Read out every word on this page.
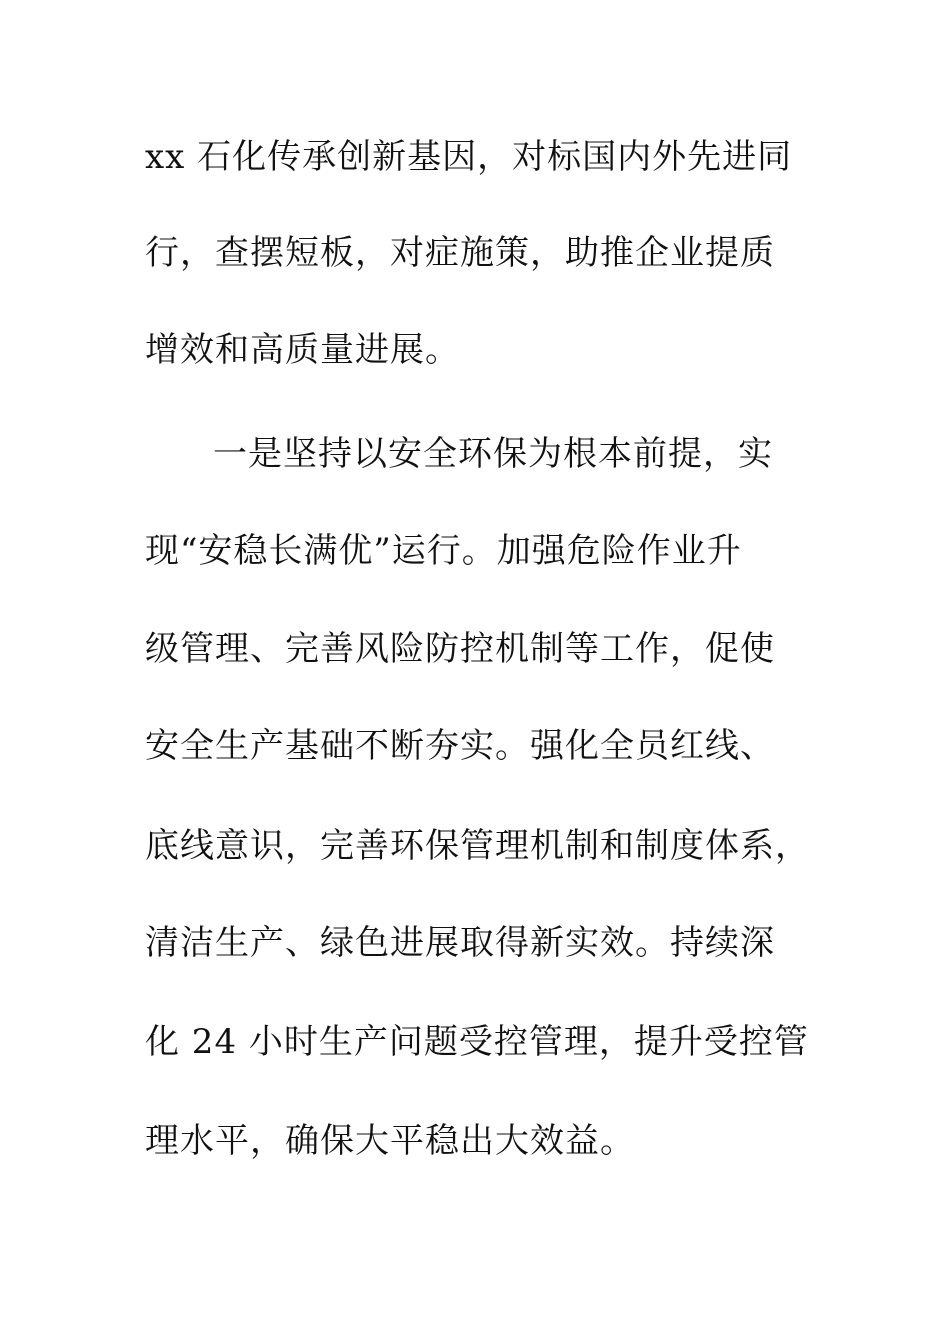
xx 石化传承创新基因，对标国内外先进同
行，查摆短板，对症施策，助推企业提质
增效和高质量进展。
一是坚持以安全环保为根本前提，实
现“安稳长满优”运行。加强危险作业升
级管理、完善风险防控机制等工作，促使
安全生产基础不断夯实。强化全员红线、
底线意识，完善环保管理机制和制度体系，
清洁生产、绿色进展取得新实效。持续深
化 24 小时生产问题受控管理，提升受控管
理水平，确保大平稳出大效益。
